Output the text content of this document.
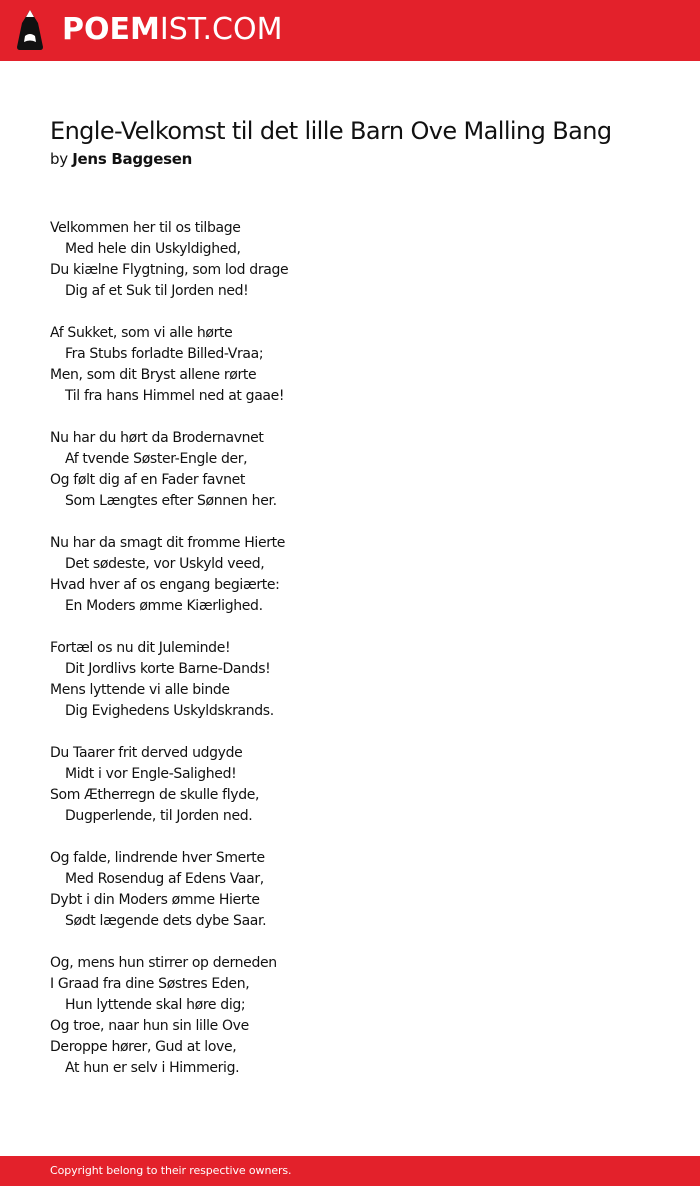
POEMIST.COM
Engle-Velkomst til det lille Barn Ove Malling Bang
by Jens Baggesen
Velkommen her til os tilbage
Med hele din Uskyldighed,
Du kiælne Flygtning, som lod drage
Dig af et Suk til Jorden ned!
Af Sukket, som vi alle hørte
Fra Stubs forladte Billed-Vraa;
Men, som dit Bryst allene rørte
Til fra hans Himmel ned at gaae!
Nu har du hørt da Brodernavnet
Af tvende Søster-Engle der,
Og følt dig af en Fader favnet
Som Længtes efter Sønnen her.
Nu har da smagt dit fromme Hierte
Det sødeste, vor Uskyld veed,
Hvad hver af os engang begiærte:
En Moders ømme Kiærlighed.
Fortæl os nu dit Juleminde!
Dit Jordlivs korte Barne-Dands!
Mens lyttende vi alle binde
Dig Evighedens Uskyldskrands.
Du Taarer frit derved udgyde
Midt i vor Engle-Salighed!
Som Ætherregn de skulle flyde,
Dugperlende, til Jorden ned.
Og falde, lindrende hver Smerte
Med Rosendug af Edens Vaar,
Dybt i din Moders ømme Hierte
Sødt lægende dets dybe Saar.
Og, mens hun stirrer op derneden
I Graad fra dine Søstres Eden,
Hun lyttende skal høre dig;
Og troe, naar hun sin lille Ove
Deroppe hører, Gud at love,
At hun er selv i Himmerig.
Copyright belong to their respective owners.
